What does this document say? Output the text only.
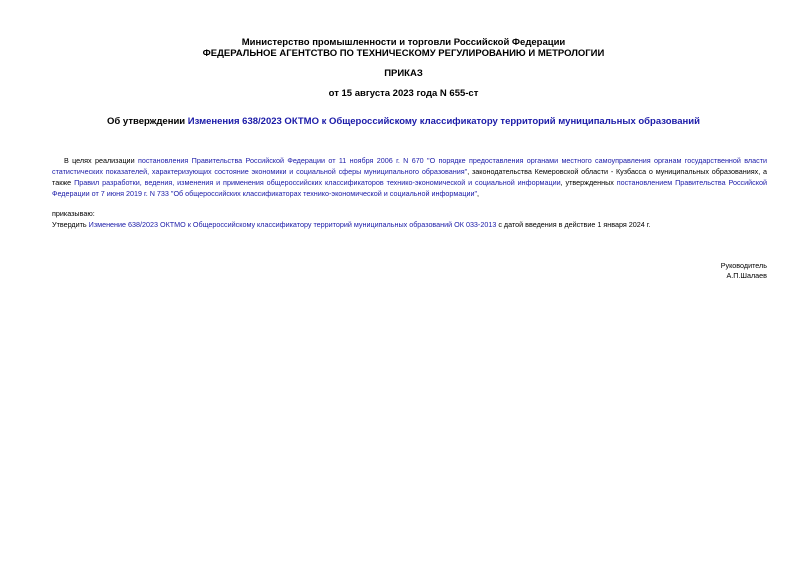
Министерство промышленности и торговли Российской Федерации
ФЕДЕРАЛЬНОЕ АГЕНТСТВО ПО ТЕХНИЧЕСКОМУ РЕГУЛИРОВАНИЮ И МЕТРОЛОГИИ
ПРИКАЗ
от 15 августа 2023 года N 655-ст
Об утверждении Изменения 638/2023 ОКТМО к Общероссийскому классификатору территорий муниципальных образований
В целях реализации постановления Правительства Российской Федерации от 11 ноября 2006 г. N 670 "О порядке предоставления органами местного самоуправления органам государственной власти статистических показателей, характеризующих состояние экономики и социальной сферы муниципального образования", законодательства Кемеровской области - Кузбасса о муниципальных образованиях, а также Правил разработки, ведения, изменения и применения общероссийских классификаторов технико-экономической и социальной информации, утвержденных постановлением Правительства Российской Федерации от 7 июня 2019 г. N 733 "Об общероссийских классификаторах технико-экономической и социальной информации",
приказываю:
Утвердить Изменение 638/2023 ОКТМО к Общероссийскому классификатору территорий муниципальных образований ОК 033-2013 с датой введения в действие 1 января 2024 г.
Руководитель
А.П.Шалаев
